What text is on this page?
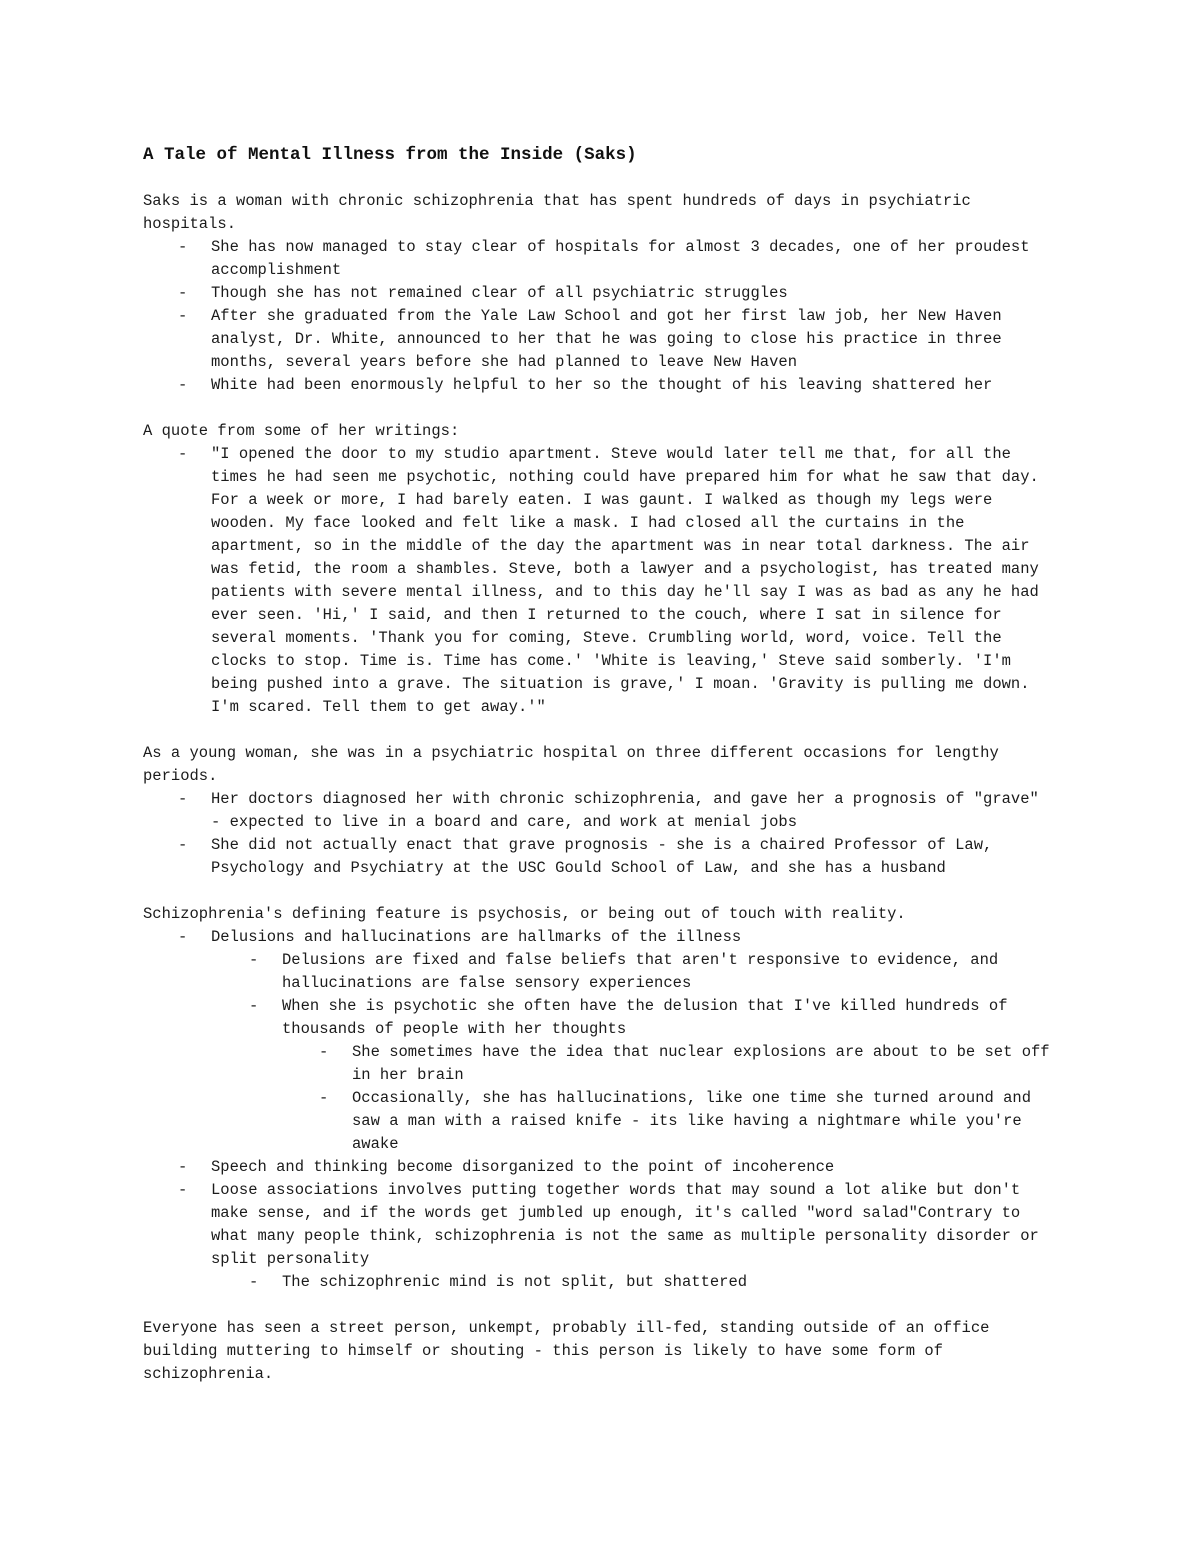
A Tale of Mental Illness from the Inside (Saks)

Saks is a woman with chronic schizophrenia that has spent hundreds of days in psychiatric hospitals.

-	She has now managed to stay clear of hospitals for almost 3 decades, one of her proudest accomplishment
-	Though she has not remained clear of all psychiatric struggles
-	After she graduated from the Yale Law School and got her first law job, her New Haven analyst, Dr. White, announced to her that he was going to close his practice in three months, several years before she had planned to leave New Haven
-	White had been enormously helpful to her so the thought of his leaving shattered her

A quote from some of her writings:

-	"I opened the door to my studio apartment. Steve would later tell me that, for all the times he had seen me psychotic, nothing could have prepared him for what he saw that day. For a week or more, I had barely eaten. I was gaunt. I walked as though my legs were wooden. My face looked and felt like a mask. I had closed all the curtains in the apartment, so in the middle of the day the apartment was in near total darkness. The air was fetid, the room a shambles. Steve, both a lawyer and a psychologist, has treated many patients with severe mental illness, and to this day he'll say I was as bad as any he had ever seen. 'Hi,' I said, and then I returned to the couch, where I sat in silence for several moments. 'Thank you for coming, Steve. Crumbling world, word, voice. Tell the clocks to stop. Time is. Time has come.' 'White is leaving,' Steve said somberly. 'I'm being pushed into a grave. The situation is grave,' I moan. 'Gravity is pulling me down. I'm scared. Tell them to get away.'"

As a young woman, she was in a psychiatric hospital on three different occasions for lengthy periods.

-	Her doctors diagnosed her with chronic schizophrenia, and gave her a prognosis of "grave" - expected to live in a board and care, and work at menial jobs
-	She did not actually enact that grave prognosis - she is a chaired Professor of Law, Psychology and Psychiatry at the USC Gould School of Law, and she has a husband

Schizophrenia's defining feature is psychosis, or being out of touch with reality.

-	Delusions and hallucinations are hallmarks of the illness
-	Delusions are fixed and false beliefs that aren't responsive to evidence, and hallucinations are false sensory experiences
-	When she is psychotic she often have the delusion that I've killed hundreds of thousands of people with her thoughts
-	She sometimes have the idea that nuclear explosions are about to be set off in her brain
-	Occasionally, she has hallucinations, like one time she turned around and saw a man with a raised knife - its like having a nightmare while you're awake
-	Speech and thinking become disorganized to the point of incoherence
-	Loose associations involves putting together words that may sound a lot alike but don't make sense, and if the words get jumbled up enough, it's called "word salad"Contrary to what many people think, schizophrenia is not the same as multiple personality disorder or split personality
-	The schizophrenic mind is not split, but shattered

Everyone has seen a street person, unkempt, probably ill-fed, standing outside of an office building muttering to himself or shouting - this person is likely to have some form of schizophrenia.
